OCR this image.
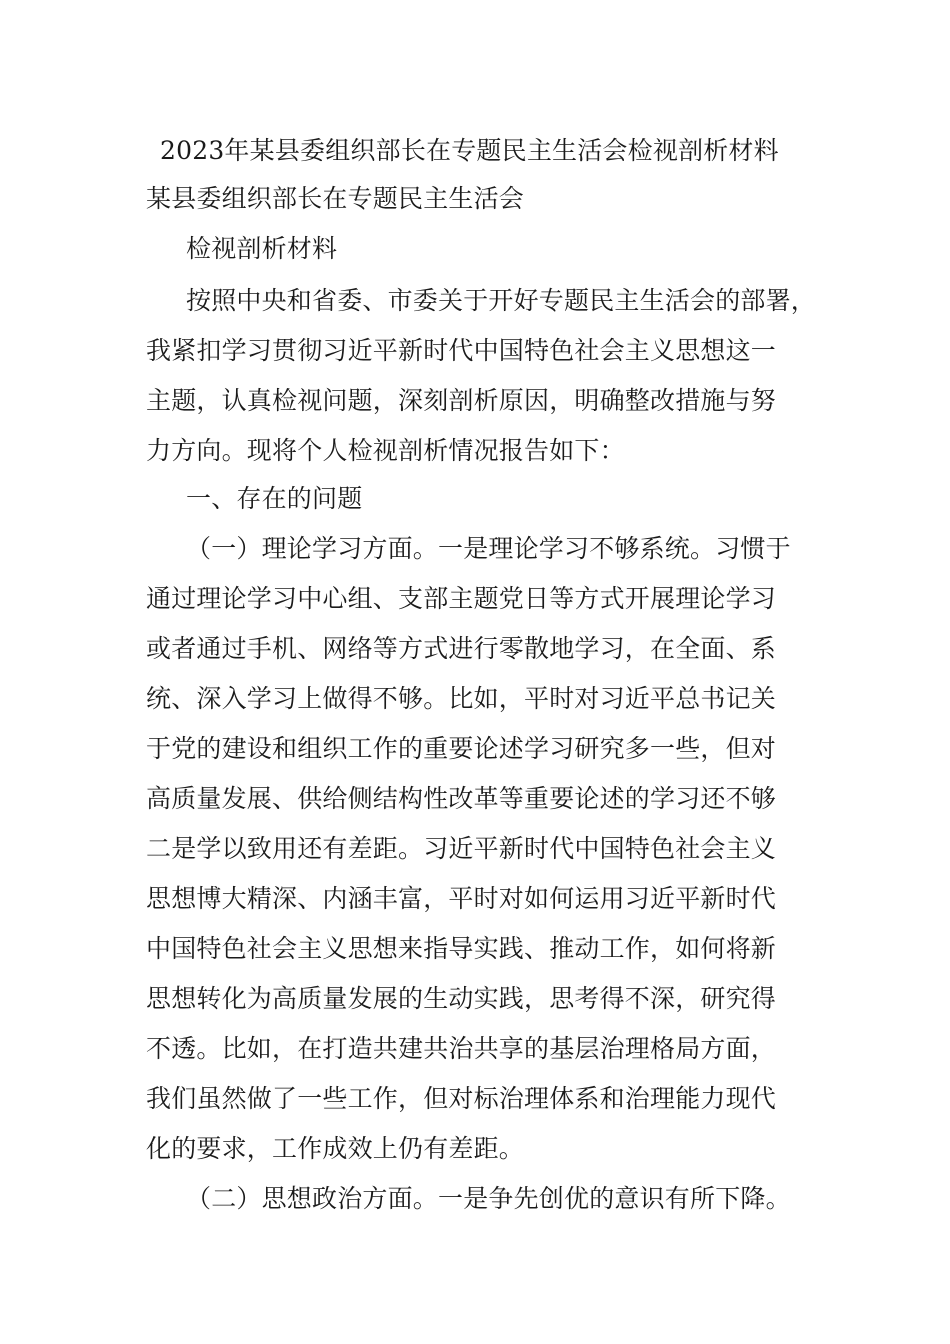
2023年某县委组织部长在专题民主生活会检视剖析材料
某县委组织部长在专题民主生活会
检视剖析材料
按照中央和省委、市委关于开好专题民主生活会的部署，
我紧扣学习贯彻习近平新时代中国特色社会主义思想这一
主题，认真检视问题，深刻剖析原因，明确整改措施与努
力方向。现将个人检视剖析情况报告如下：
一、存在的问题
（一）理论学习方面。一是理论学习不够系统。习惯于
通过理论学习中心组、支部主题党日等方式开展理论学习
或者通过手机、网络等方式进行零散地学习，在全面、系
统、深入学习上做得不够。比如，平时对习近平总书记关
于党的建设和组织工作的重要论述学习研究多一些，但对
高质量发展、供给侧结构性改革等重要论述的学习还不够
二是学以致用还有差距。习近平新时代中国特色社会主义
思想博大精深、内涵丰富，平时对如何运用习近平新时代
中国特色社会主义思想来指导实践、推动工作，如何将新
思想转化为高质量发展的生动实践，思考得不深，研究得
不透。比如，在打造共建共治共享的基层治理格局方面，
我们虽然做了一些工作，但对标治理体系和治理能力现代
化的要求，工作成效上仍有差距。
（二）思想政治方面。一是争先创优的意识有所下降。
